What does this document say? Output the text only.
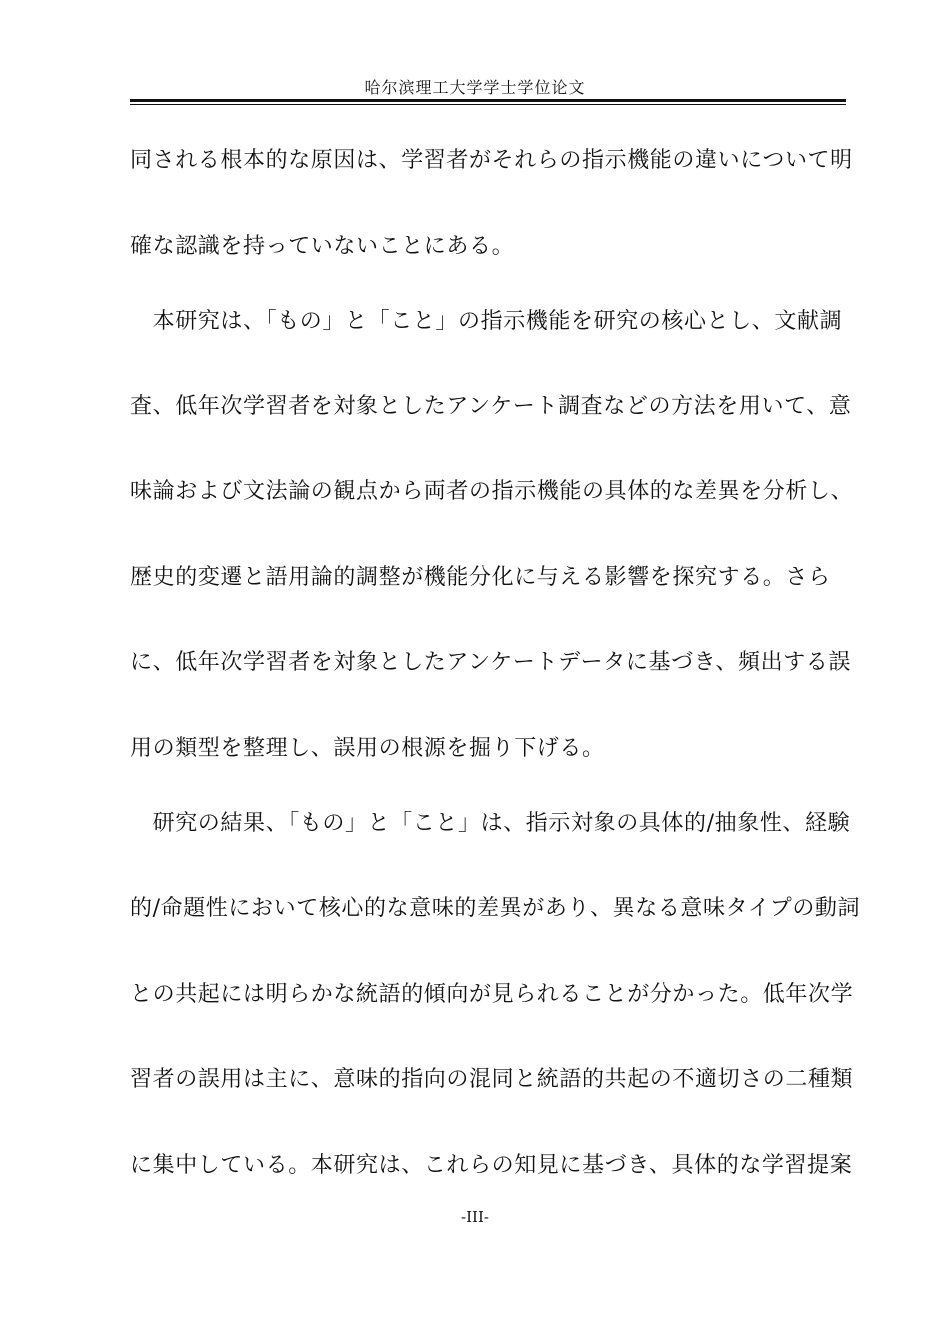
哈尔滨理工大学学士学位论文
同される根本的な原因は、学習者がそれらの指示機能の違いについて明
確な認識を持っていないことにある。
　本研究は、「もの」と「こと」の指示機能を研究の核心とし、文献調
査、低年次学習者を対象としたアンケート調査などの方法を用いて、意
味論および文法論の観点から両者の指示機能の具体的な差異を分析し、
歴史的変遷と語用論的調整が機能分化に与える影響を探究する。さら
に、低年次学習者を対象としたアンケートデータに基づき、頻出する誤
用の類型を整理し、誤用の根源を掘り下げる。
　研究の結果、「もの」と「こと」は、指示対象の具体的/抽象性、経験
的/命題性において核心的な意味的差異があり、異なる意味タイプの動詞
との共起には明らかな統語的傾向が見られることが分かった。低年次学
習者の誤用は主に、意味的指向の混同と統語的共起の不適切さの二種類
に集中している。本研究は、これらの知見に基づき、具体的な学習提案
-III-
